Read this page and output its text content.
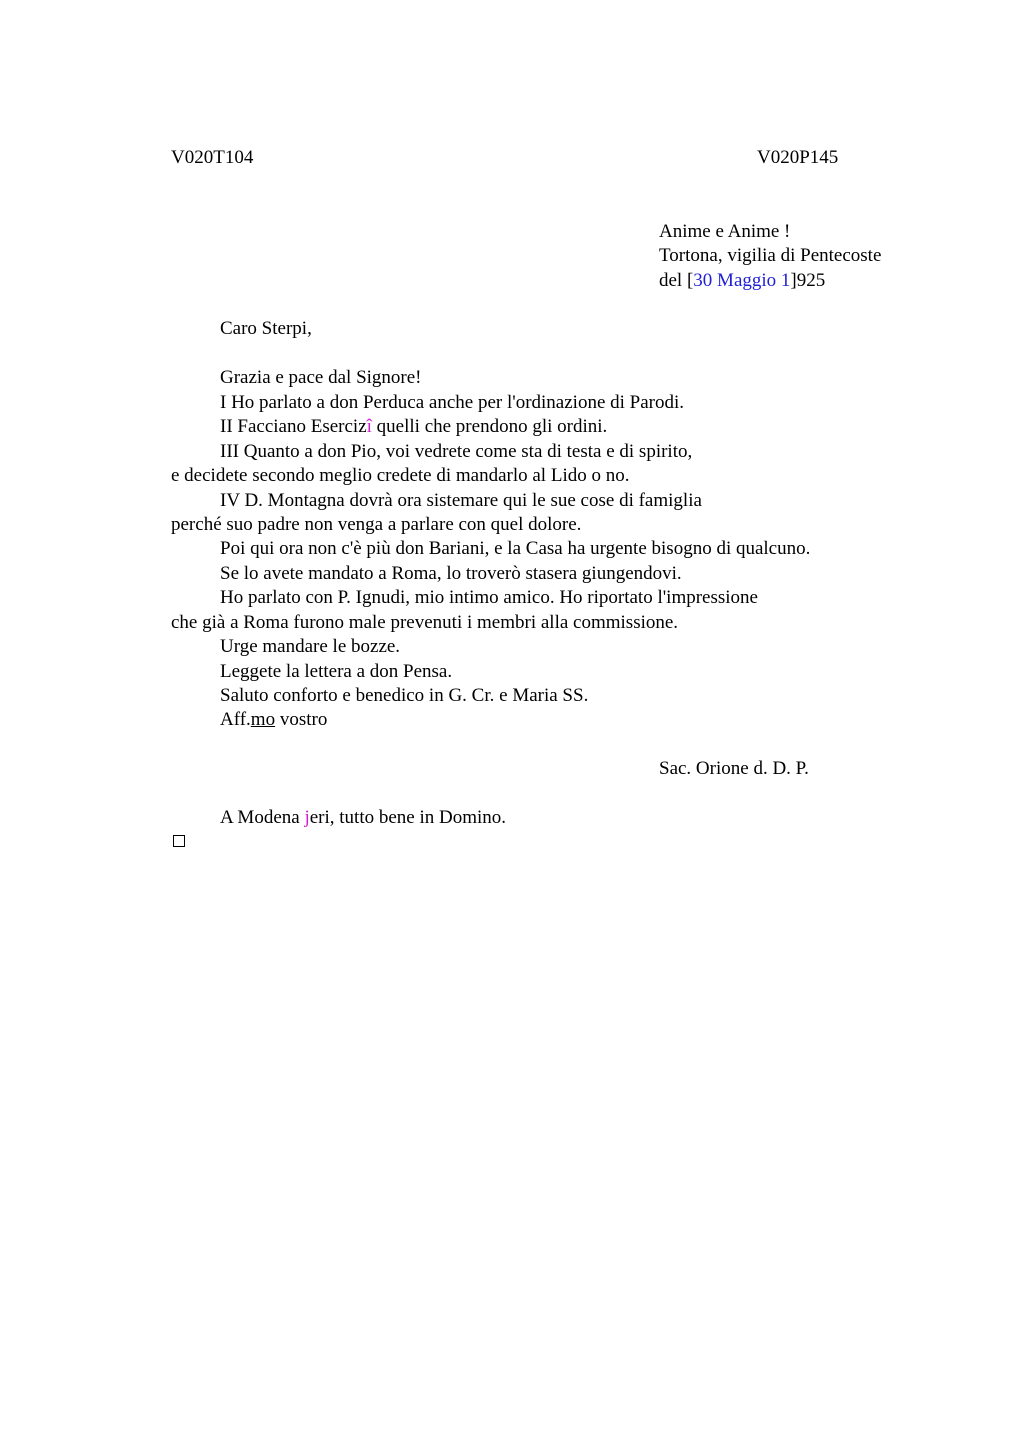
V020T104	V020P145
Anime e Anime !
Tortona, vigilia di Pentecoste
del [30 Maggio 1]925
Caro Sterpi,
Grazia e pace dal Signore!
I Ho parlato a don Perduca anche per l'ordinazione di Parodi.
II Facciano Esercizî quelli che prendono gli ordini.
III Quanto a don Pio, voi vedrete come sta di testa e di spirito,
e decidete secondo meglio credete di mandarlo al Lido o no.
IV D. Montagna dovrà ora sistemare qui le sue cose di famiglia
perché suo padre non venga a parlare con quel dolore.
Poi qui ora non c'è più don Bariani, e la Casa ha urgente bisogno di qualcuno.
Se lo avete mandato a Roma, lo troverò stasera giungendovi.
Ho parlato con P. Ignudi, mio intimo amico. Ho riportato l'impressione
che già a Roma furono male prevenuti i membri alla commissione.
Urge mandare le bozze.
Leggete la lettera a don Pensa.
Saluto conforto e benedico in G. Cr. e Maria SS.
Aff.mo vostro
Sac. Orione d. D. P.
A Modena jeri, tutto bene in Domino.
